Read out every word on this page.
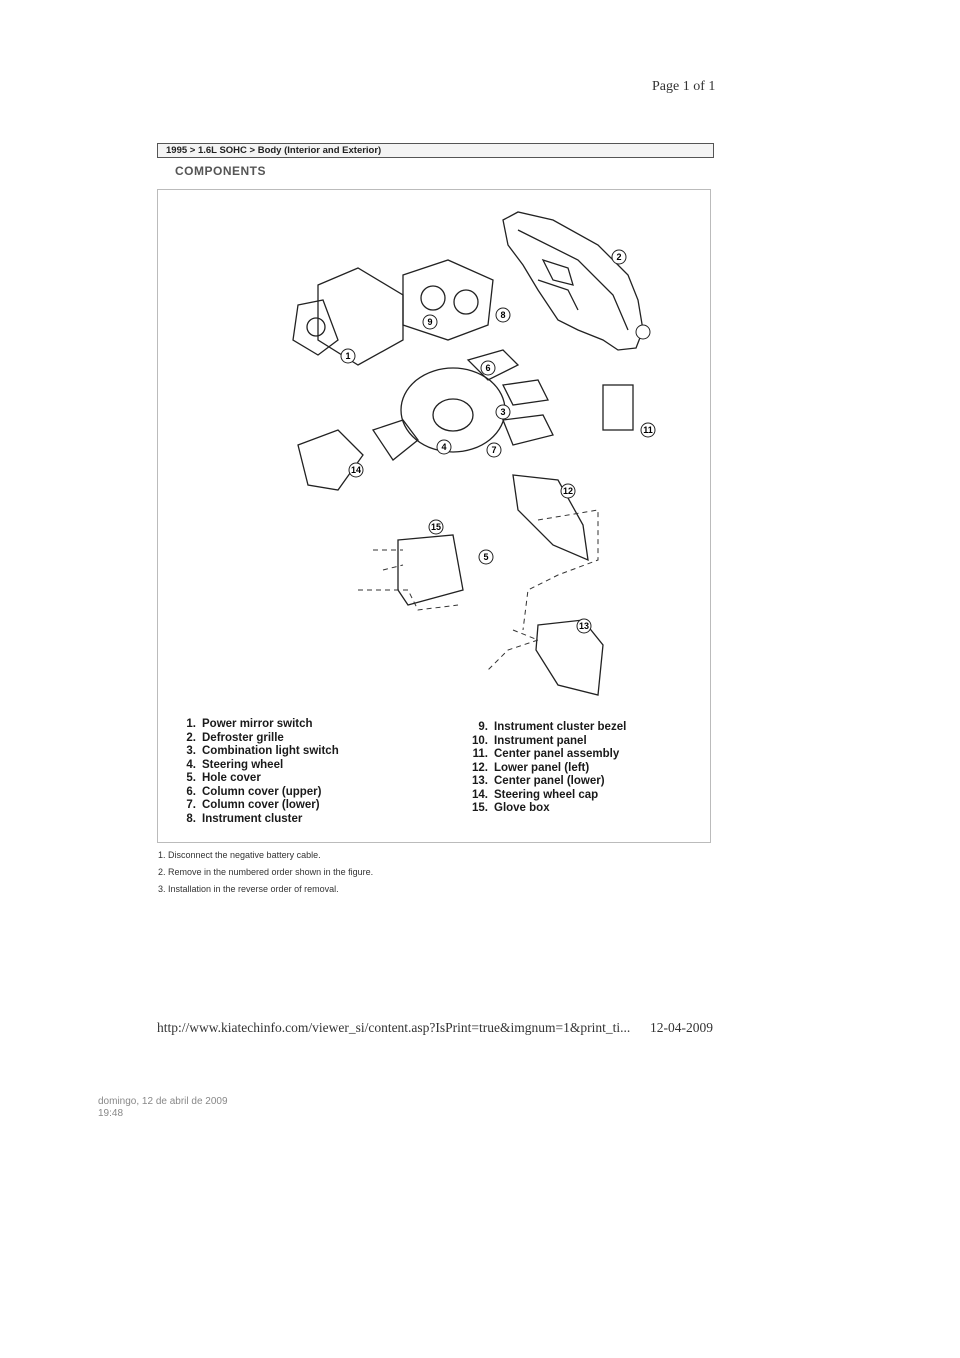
Page 1 of 1
1995 > 1.6L SOHC > Body (Interior and Exterior)
COMPONENTS
1
2
3
4
5
6
7
8
9
11
12
13
14
15
1. Power mirror switch
2. Defroster grille
3. Combination light switch
4. Steering wheel
5. Hole cover
6. Column cover (upper)
7. Column cover (lower)
8. Instrument cluster
9. Instrument cluster bezel
10. Instrument panel
11. Center panel assembly
12. Lower panel (left)
13. Center panel (lower)
14. Steering wheel cap
15. Glove box
1. Disconnect the negative battery cable.
2. Remove in the numbered order shown in the figure.
3. Installation in the reverse order of removal.
http://www.kiatechinfo.com/viewer_si/content.asp?IsPrint=true&imgnum=1&print_ti... 12-04-2009
domingo, 12 de abril de 2009
19:48
